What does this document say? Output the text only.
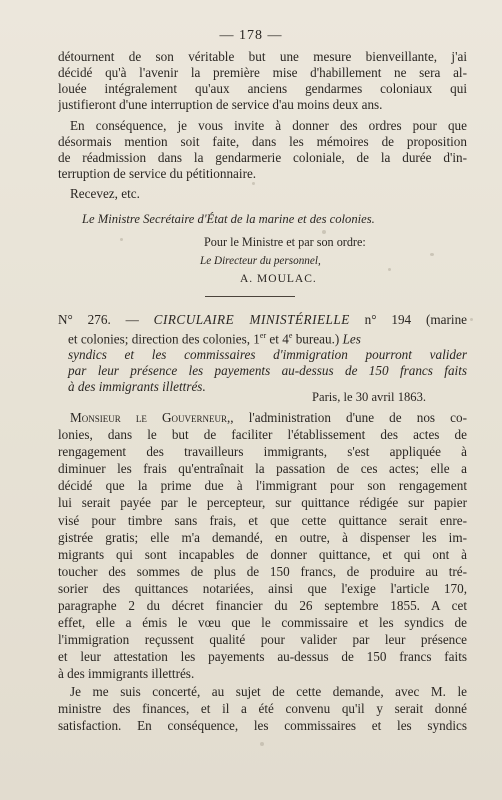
— 178 —
détournent de son véritable but une mesure bienveillante, j'ai
décidé qu'à l'avenir la première mise d'habillement ne sera al-
louée intégralement qu'aux anciens gendarmes coloniaux qui
justifieront d'une interruption de service d'au moins deux ans.
En conséquence, je vous invite à donner des ordres pour que
désormais mention soit faite, dans les mémoires de proposition
de réadmission dans la gendarmerie coloniale, de la durée d'in-
terruption de service du pétitionnaire.
Recevez, etc.
Le Ministre Secrétaire d'État de la marine et des colonies.
Pour le Ministre et par son ordre:
Le Directeur du personnel,
A. MOULAC.
N° 276. — CIRCULAIRE MINISTÉRIELLE n° 194 (marine
et colonies; direction des colonies, 1er et 4e bureau.) Les
syndics et les commissaires d'immigration pourront valider
par leur présence les payements au-dessus de 150 francs faits
à des immigrants illettrés.
Paris, le 30 avril 1863.
Monsieur le Gouverneur,, l'administration d'une de nos co-
lonies, dans le but de faciliter l'établissement des actes de
rengagement des travailleurs immigrants, s'est appliquée à
diminuer les frais qu'entraînait la passation de ces actes; elle a
décidé que la prime due à l'immigrant pour son rengagement
lui serait payée par le percepteur, sur quittance rédigée sur papier
visé pour timbre sans frais, et que cette quittance serait enre-
gistrée gratis; elle m'a demandé, en outre, à dispenser les im-
migrants qui sont incapables de donner quittance, et qui ont à
toucher des sommes de plus de 150 francs, de produire au tré-
sorier des quittances notariées, ainsi que l'exige l'article 170,
paragraphe 2 du décret financier du 26 septembre 1855. A cet
effet, elle a émis le vœu que le commissaire et les syndics de
l'immigration reçussent qualité pour valider par leur présence
et leur attestation les payements au-dessus de 150 francs faits
à des immigrants illettrés.
Je me suis concerté, au sujet de cette demande, avec M. le
ministre des finances, et il a été convenu qu'il y serait donné
satisfaction. En conséquence, les commissaires et les syndics
